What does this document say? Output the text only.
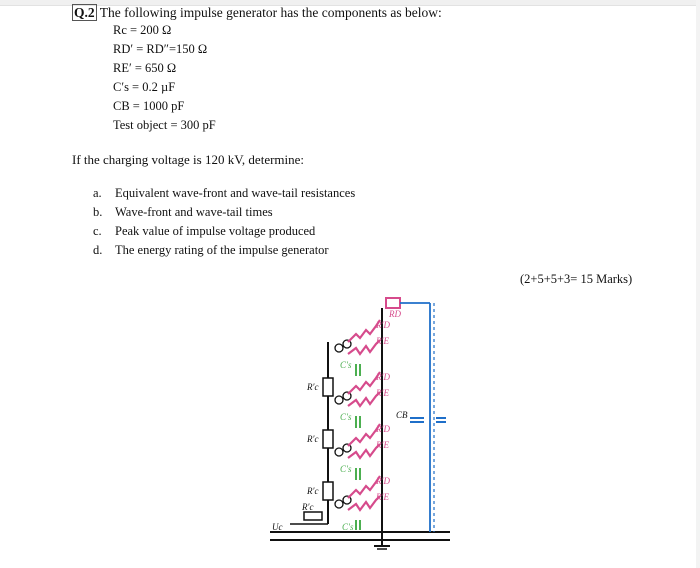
Q.2 The following impulse generator has the components as below:
Rc = 200 Ω
RD′ = RD″=150 Ω
RE′ = 650 Ω
C′s = 0.2 µF
CB = 1000 pF
Test object = 300 pF
If the charging voltage is 120 kV, determine:
a. Equivalent wave-front and wave-tail resistances
b. Wave-front and wave-tail times
c. Peak value of impulse voltage produced
d. The energy rating of the impulse generator
(2+5+5+3= 15 Marks)
RD
R′D
R′E
R′D
R′E
R′D
R′E
R′D
R′E
R′c
R′c
R′c
R′c
C′s
C′s
C′s
C′s
CB
Uc
